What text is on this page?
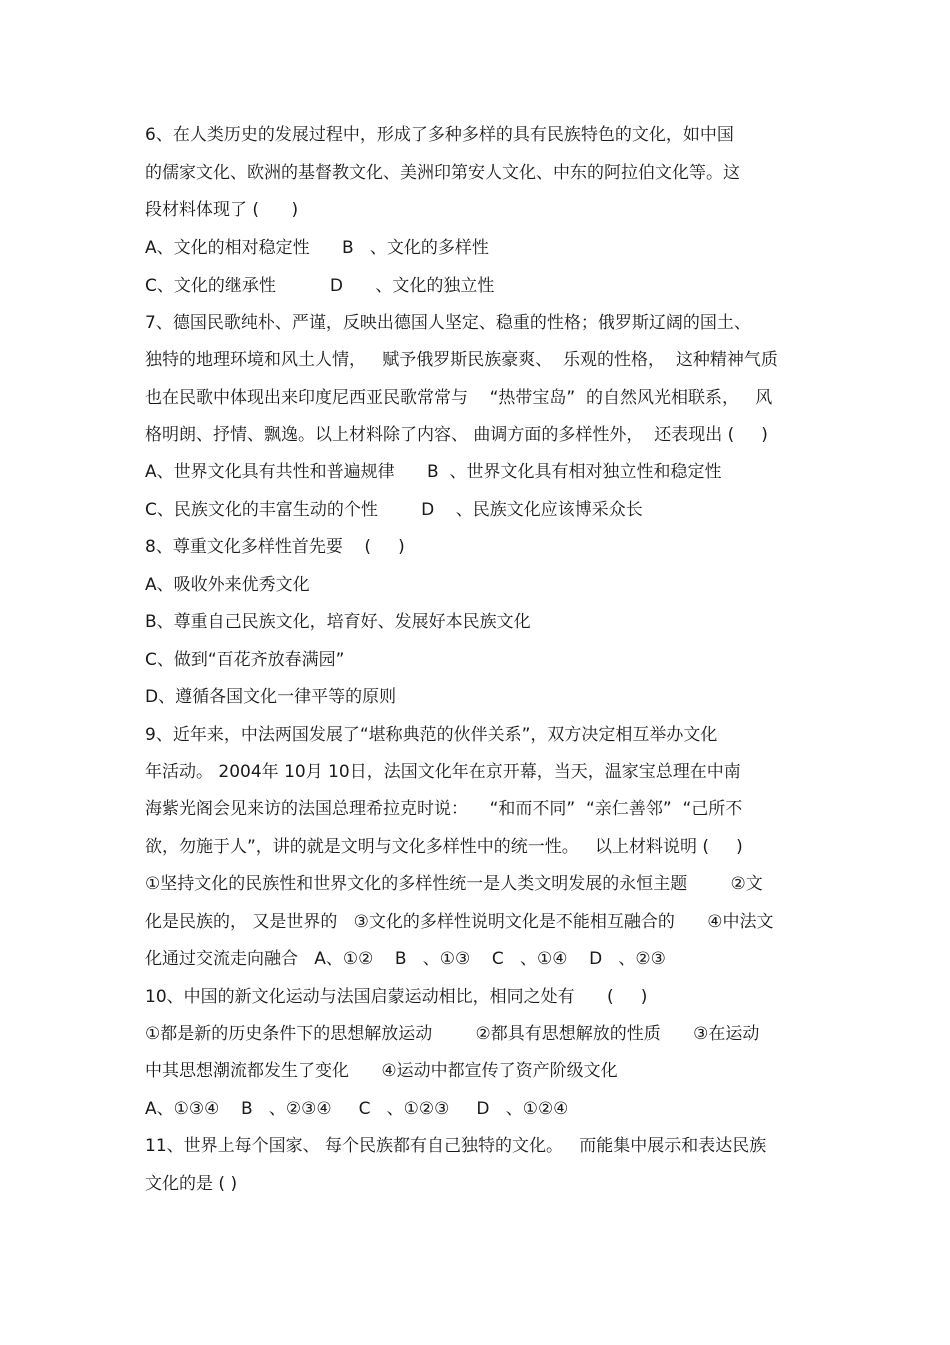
6、在人类历史的发展过程中，形成了多种多样的具有民族特色的文化，如中国
的儒家文化、欧洲的基督教文化、美洲印第安人文化、中东的阿拉伯文化等。这
段材料体现了 (      )
A、文化的相对稳定性      B   、文化的多样性
C、文化的继承性          D      、文化的独立性
7、德国民歌纯朴、严谨，反映出德国人坚定、稳重的性格；俄罗斯辽阔的国土、
独特的地理环境和风土人情，   赋予俄罗斯民族豪爽、  乐观的性格，  这种精神气质
也在民歌中体现出来印度尼西亚民歌常常与    “热带宝岛”  的自然风光相联系，   风
格明朗、抒情、飘逸。以上材料除了内容、 曲调方面的多样性外，  还表现出 (     )
A、世界文化具有共性和普遍规律      B  、世界文化具有相对独立性和稳定性
C、民族文化的丰富生动的个性        D    、民族文化应该博采众长
8、尊重文化多样性首先要    (     )
A、吸收外来优秀文化
B、尊重自己民族文化，培育好、发展好本民族文化
C、做到“百花齐放春满园”
D、遵循各国文化一律平等的原则
9、近年来，中法两国发展了“堪称典范的伙伴关系”，双方决定相互举办文化
年活动。 2004年 10月 10日，法国文化年在京开幕，当天，温家宝总理在中南
海紫光阁会见来访的法国总理希拉克时说：    “和而不同”  “亲仁善邻”  “己所不
欲，勿施于人”，讲的就是文明与文化多样性中的统一性。   以上材料说明 (     )
①坚持文化的民族性和世界文化的多样性统一是人类文明发展的永恒主题        ②文
化是民族的， 又是世界的   ③文化的多样性说明文化是不能相互融合的      ④中法文
化通过交流走向融合   A、①②    B   、①③    C   、①④    D   、②③
10、中国的新文化运动与法国启蒙运动相比，相同之处有      (     )
①都是新的历史条件下的思想解放运动        ②都具有思想解放的性质      ③在运动
中其思想潮流都发生了变化      ④运动中都宣传了资产阶级文化
A、①③④    B   、②③④     C   、①②③     D   、①②④
11、世界上每个国家、 每个民族都有自己独特的文化。   而能集中展示和表达民族
文化的是 ( )
